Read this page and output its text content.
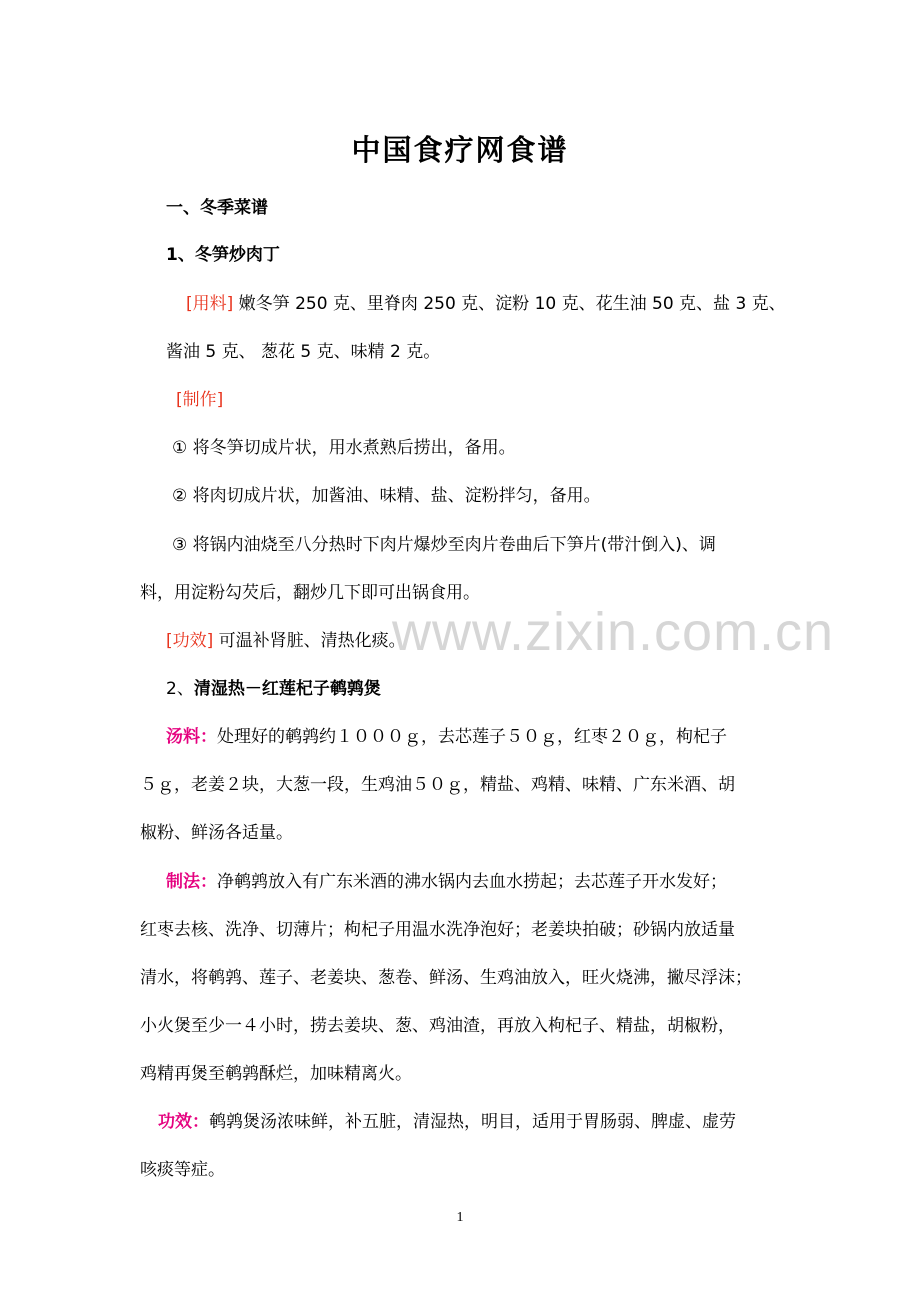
中国食疗网食谱
一、冬季菜谱
1、冬笋炒肉丁
[用料] 嫩冬笋 250 克、里脊肉 250 克、淀粉 10 克、花生油 50 克、盐 3 克、
酱油 5 克、 葱花 5 克、味精 2 克。
[制作]
① 将冬笋切成片状，用水煮熟后捞出，备用。
② 将肉切成片状，加酱油、味精、盐、淀粉拌匀，备用。
③ 将锅内油烧至八分热时下肉片爆炒至肉片卷曲后下笋片(带汁倒入)、调
料，用淀粉勾芡后，翻炒几下即可出锅食用。
[功效] 可温补肾脏、清热化痰。
2、清湿热－红莲杞子鹌鹑煲
汤料：处理好的鹌鹑约１０００ｇ，去芯莲子５０ｇ，红枣２０ｇ，枸杞子
５ｇ，老姜２块，大葱一段，生鸡油５０ｇ，精盐、鸡精、味精、广东米酒、胡
椒粉、鲜汤各适量。
制法：净鹌鹑放入有广东米酒的沸水锅内去血水捞起；去芯莲子开水发好；
红枣去核、洗净、切薄片；枸杞子用温水洗净泡好；老姜块拍破；砂锅内放适量
清水，将鹌鹑、莲子、老姜块、葱卷、鲜汤、生鸡油放入，旺火烧沸，撇尽浮沫；
小火煲至少一４小时，捞去姜块、葱、鸡油渣，再放入枸杞子、精盐，胡椒粉，
鸡精再煲至鹌鹑酥烂，加味精离火。
功效：鹌鹑煲汤浓味鲜，补五脏，清湿热，明目，适用于胃肠弱、脾虚、虚劳
咳痰等症。
www.zixin.com.cn
1
